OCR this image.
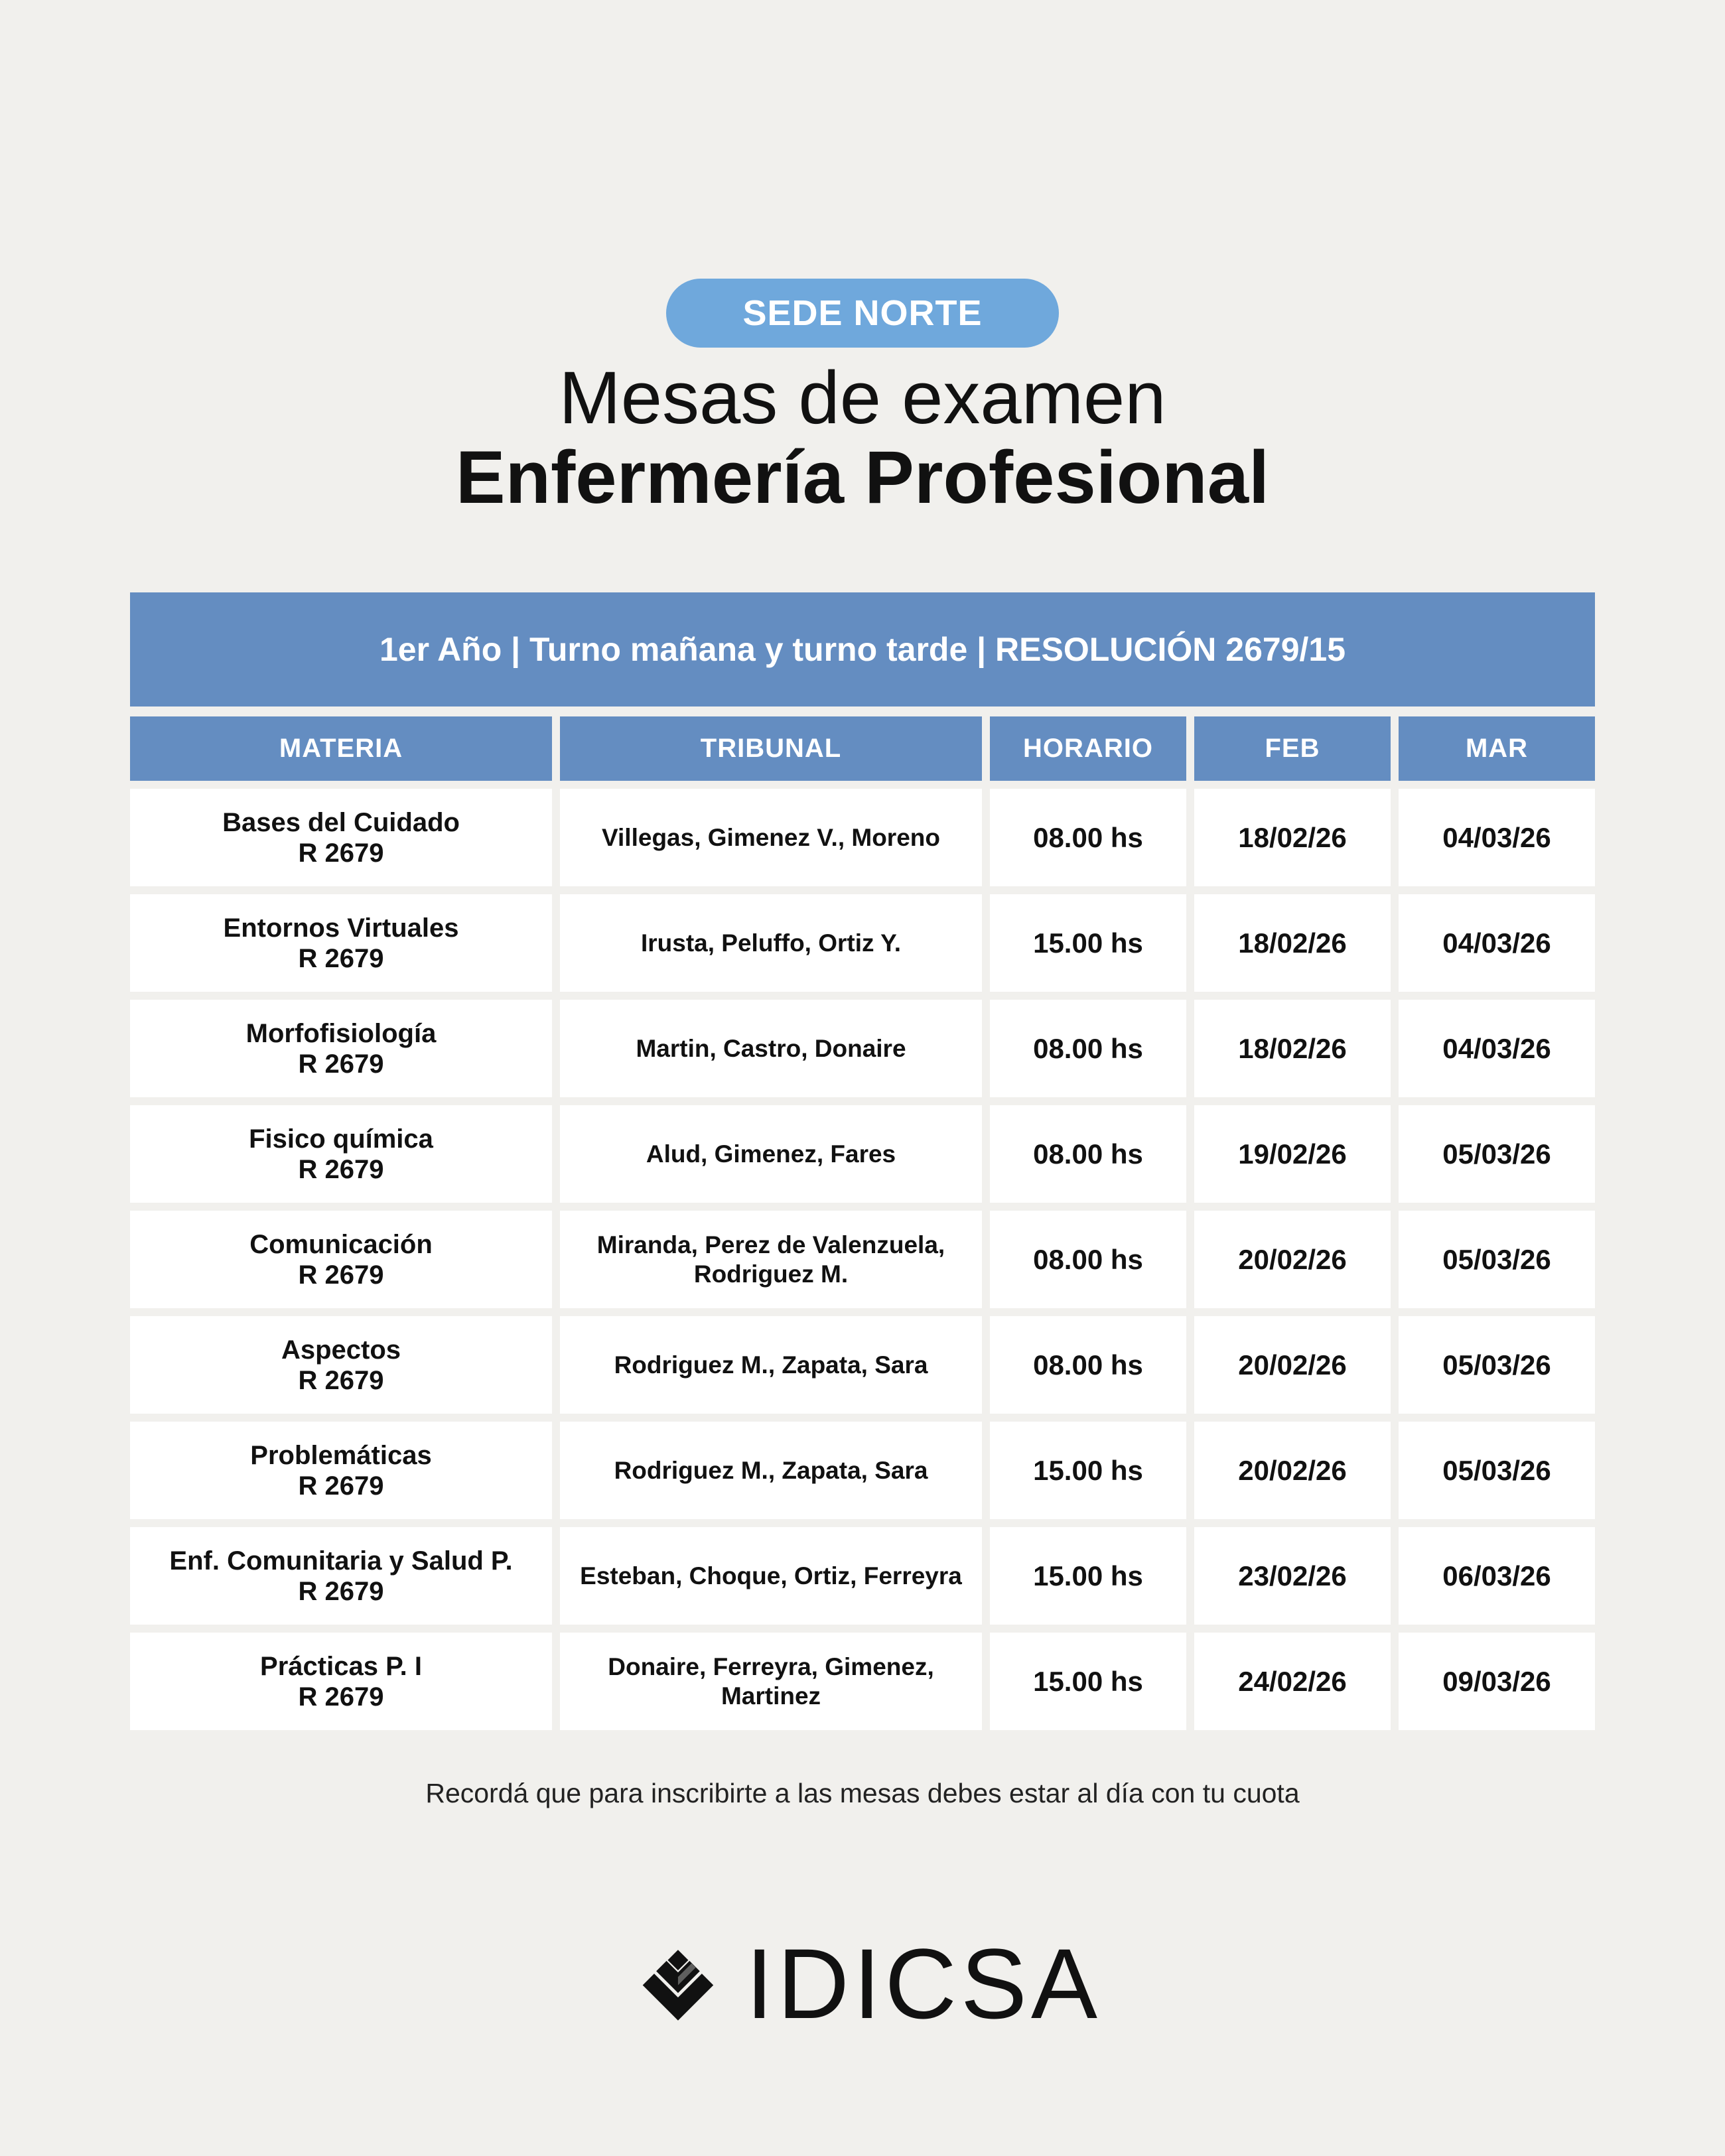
SEDE NORTE
Mesas de examen
Enfermería Profesional
1er Año | Turno mañana y turno tarde | RESOLUCIÓN 2679/15
MATERIA	TRIBUNAL	HORARIO	FEB	MAR
Bases del Cuidado
R 2679
Villegas, Gimenez V., Moreno	08.00 hs	18/02/26	04/03/26
Entornos Virtuales
R 2679
Irusta, Peluffo, Ortiz Y.	15.00 hs	18/02/26	04/03/26
Morfofisiología
R 2679
Martin, Castro, Donaire	08.00 hs	18/02/26	04/03/26
Fisico química
R 2679
Alud, Gimenez, Fares	08.00 hs	19/02/26	05/03/26
Comunicación
R 2679
Miranda, Perez de Valenzuela, Rodriguez M.	08.00 hs	20/02/26	05/03/26
Aspectos
R 2679
Rodriguez M., Zapata, Sara	08.00 hs	20/02/26	05/03/26
Problemáticas
R 2679
Rodriguez M., Zapata, Sara	15.00 hs	20/02/26	05/03/26
Enf. Comunitaria y Salud P.
R 2679
Esteban, Choque, Ortiz, Ferreyra	15.00 hs	23/02/26	06/03/26
Prácticas P. I
R 2679
Donaire, Ferreyra, Gimenez, Martinez	15.00 hs	24/02/26	09/03/26
Recordá que para inscribirte a las mesas debes estar al día con tu cuota
IDICSA
